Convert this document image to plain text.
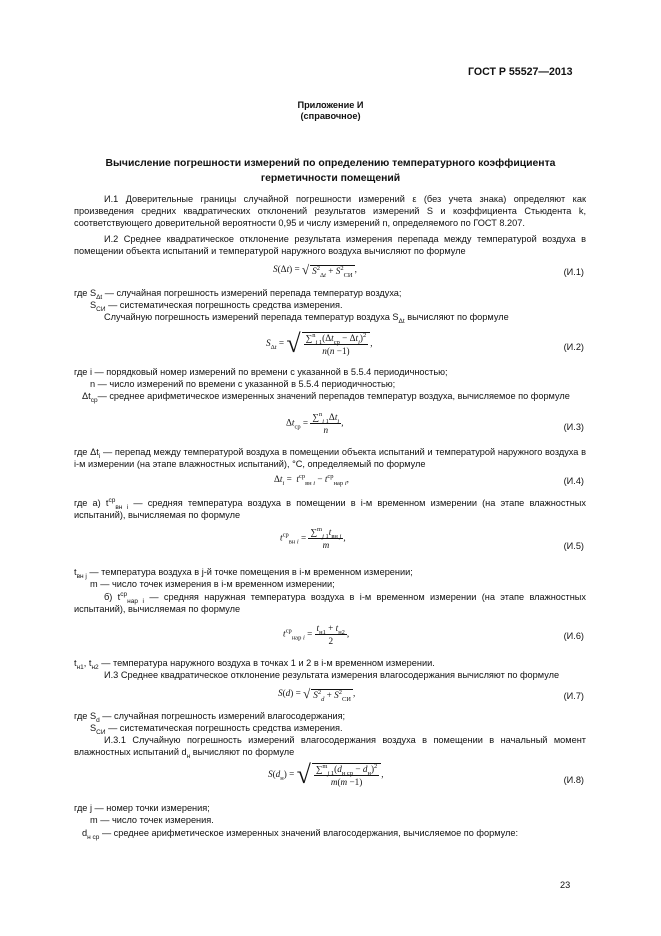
ГОСТ Р 55527—2013
Приложение И
(справочное)
Вычисление погрешности измерений по определению температурного коэффициента
герметичности помещений
И.1 Доверительные границы случайной погрешности измерений ε (без учета знака) определяют как произведения средних квадратических отклонений результатов измерений S и коэффициента Стьюдента k, соответствующего доверительной вероятности 0,95 и числу измерений n, определяемого по ГОСТ 8.207.
И.2 Среднее квадратическое отклонение результата измерения перепада между температурой воздуха в помещении объекта испытаний и температурой наружного воздуха вычисляют по формуле
S(Δt) = √ $S^2_{\Delta t} + S^2_{СИ}$,	(И.1)
где $S_{\Delta t}$ — случайная погрешность измерений перепада температур воздуха;
$S_{СИ}$ — систематическая погрешность средства измерения.
Случайную погрешность измерений перепада температур воздуха $S_{\Delta t}$ вычисляют по формуле
$S_{\Delta t}$ = √ $\frac{\sum^n_{i 1}(\Delta t_{ср} - \Delta t_i)^2}{n(n -1)}$ ,	(И.2)
где i — порядковый номер измерений по времени с указанной в 5.5.4 периодичностью;
n — число измерений по времени с указанной в 5.5.4 периодичностью;
$\Delta t_{ср}—$ среднее арифметическое измеренных значений перепадов температур воздуха, вычисляемое по формуле
$\Delta t_{ср} = \frac{\sum^n_{i 1}\Delta t_i}{n}$ ,	(И.3)
где $\Delta t_i$ — перепад между температурой воздуха в помещении объекта испытаний и температурой наружного воздуха в i-м измерении (на этапе влажностных испытаний), °С, определяемый по формуле
$\Delta t_i = t^{ср}_{вн i} - t^{ср}_{нар i}$,	(И.4)
где а) $t^{ср}_{вн i}$ — средняя температура воздуха в помещении в i-м временном измерении (на этапе влажностных испытаний), вычисляемая по формуле
$t^{ср}_{вн i} = \frac{\sum^m_{j 1}t_{вн j}}{m}$ ,
(И.5)
$t_{вн j}$ — температура воздуха в j-й точке помещения в i-м временном измерении;
m — число точек измерения в i-м временном измерении;
б) $t^{ср}_{нар i}$ — средняя наружная температура воздуха в i-м временном измерении (на этапе влажностных испытаний), вычисляемая по формуле
$t^{ср}_{нар i} = \frac{t_{н1} + t_{н2}}{2}$ ,	(И.6)
$t_{н1}$, $t_{н2}$ — температура наружного воздуха в точках 1 и 2 в i-м временном измерении.
И.3 Среднее квадратическое отклонение результата измерения влагосодержания вычисляют по формуле
S(d) = √ $S^2_d + S^2_{СИ}$,	(И.7)
где $S_d$ — случайная погрешность измерений влагосодержания;
$S_{СИ}$ — систематическая погрешность средства измерения.
И.3.1 Случайную погрешность измерений влагосодержания воздуха в помещении в начальный момент влажностных испытаний $d_н$ вычисляют по формуле
$S(d_н)$ = √ $\frac{\sum^m_{j 1}(d_{н ср} - d_н)^2}{m(m -1)}$ ,
(И.8)
где j — номер точки измерения;
m — число точек измерения.
$d_{н ср}$ — среднее арифметическое измеренных значений влагосодержания, вычисляемое по формуле:
23
